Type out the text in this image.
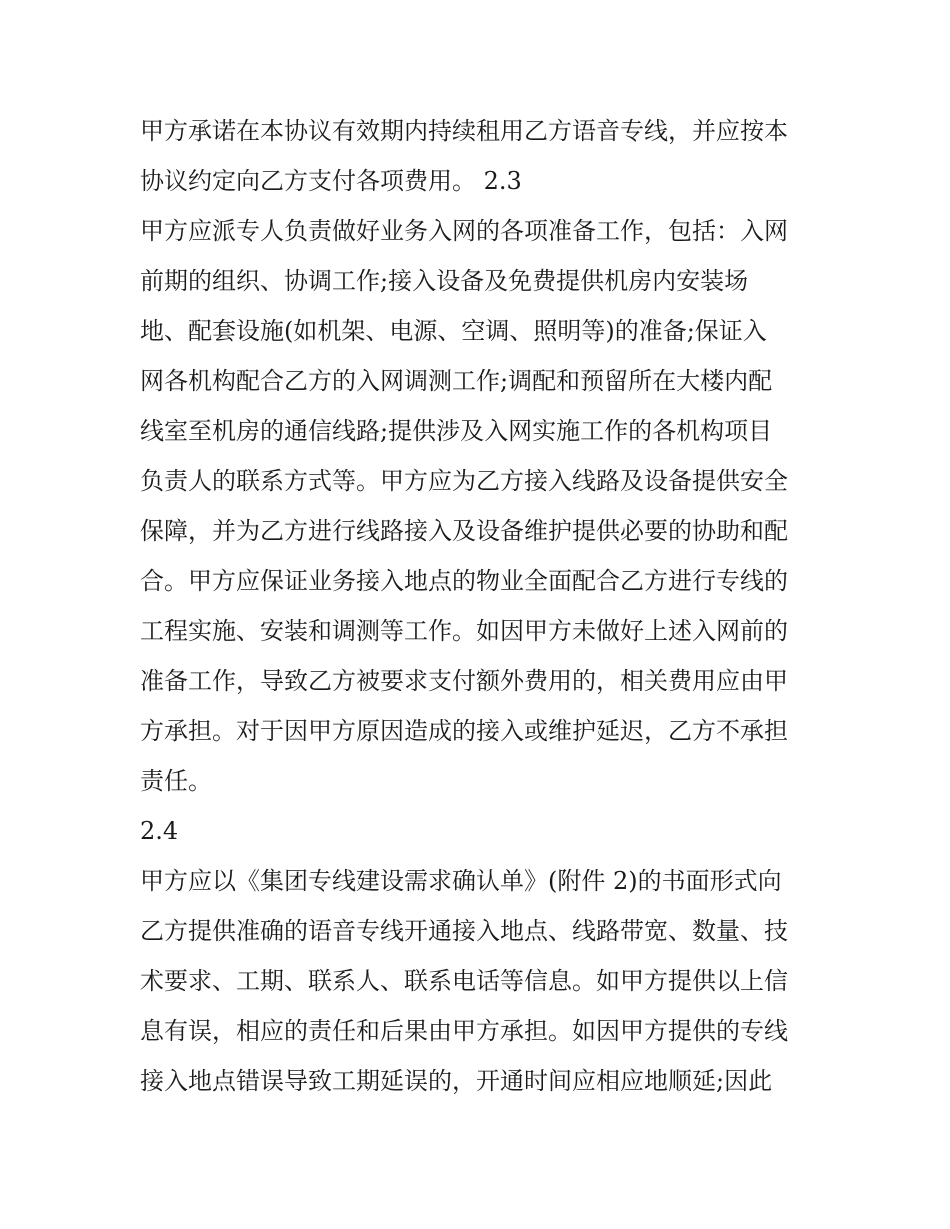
甲方承诺在本协议有效期内持续租用乙方语音专线，并应按本
协议约定向乙方支付各项费用。 2.3
甲方应派专人负责做好业务入网的各项准备工作，包括：入网
前期的组织、协调工作;接入设备及免费提供机房内安装场
地、配套设施(如机架、电源、空调、照明等)的准备;保证入
网各机构配合乙方的入网调测工作;调配和预留所在大楼内配
线室至机房的通信线路;提供涉及入网实施工作的各机构项目
负责人的联系方式等。甲方应为乙方接入线路及设备提供安全
保障，并为乙方进行线路接入及设备维护提供必要的协助和配
合。甲方应保证业务接入地点的物业全面配合乙方进行专线的
工程实施、安装和调测等工作。如因甲方未做好上述入网前的
准备工作，导致乙方被要求支付额外费用的，相关费用应由甲
方承担。对于因甲方原因造成的接入或维护延迟，乙方不承担
责任。
2.4
甲方应以《集团专线建设需求确认单》(附件 2)的书面形式向
乙方提供准确的语音专线开通接入地点、线路带宽、数量、技
术要求、工期、联系人、联系电话等信息。如甲方提供以上信
息有误，相应的责任和后果由甲方承担。如因甲方提供的专线
接入地点错误导致工期延误的，开通时间应相应地顺延;因此
